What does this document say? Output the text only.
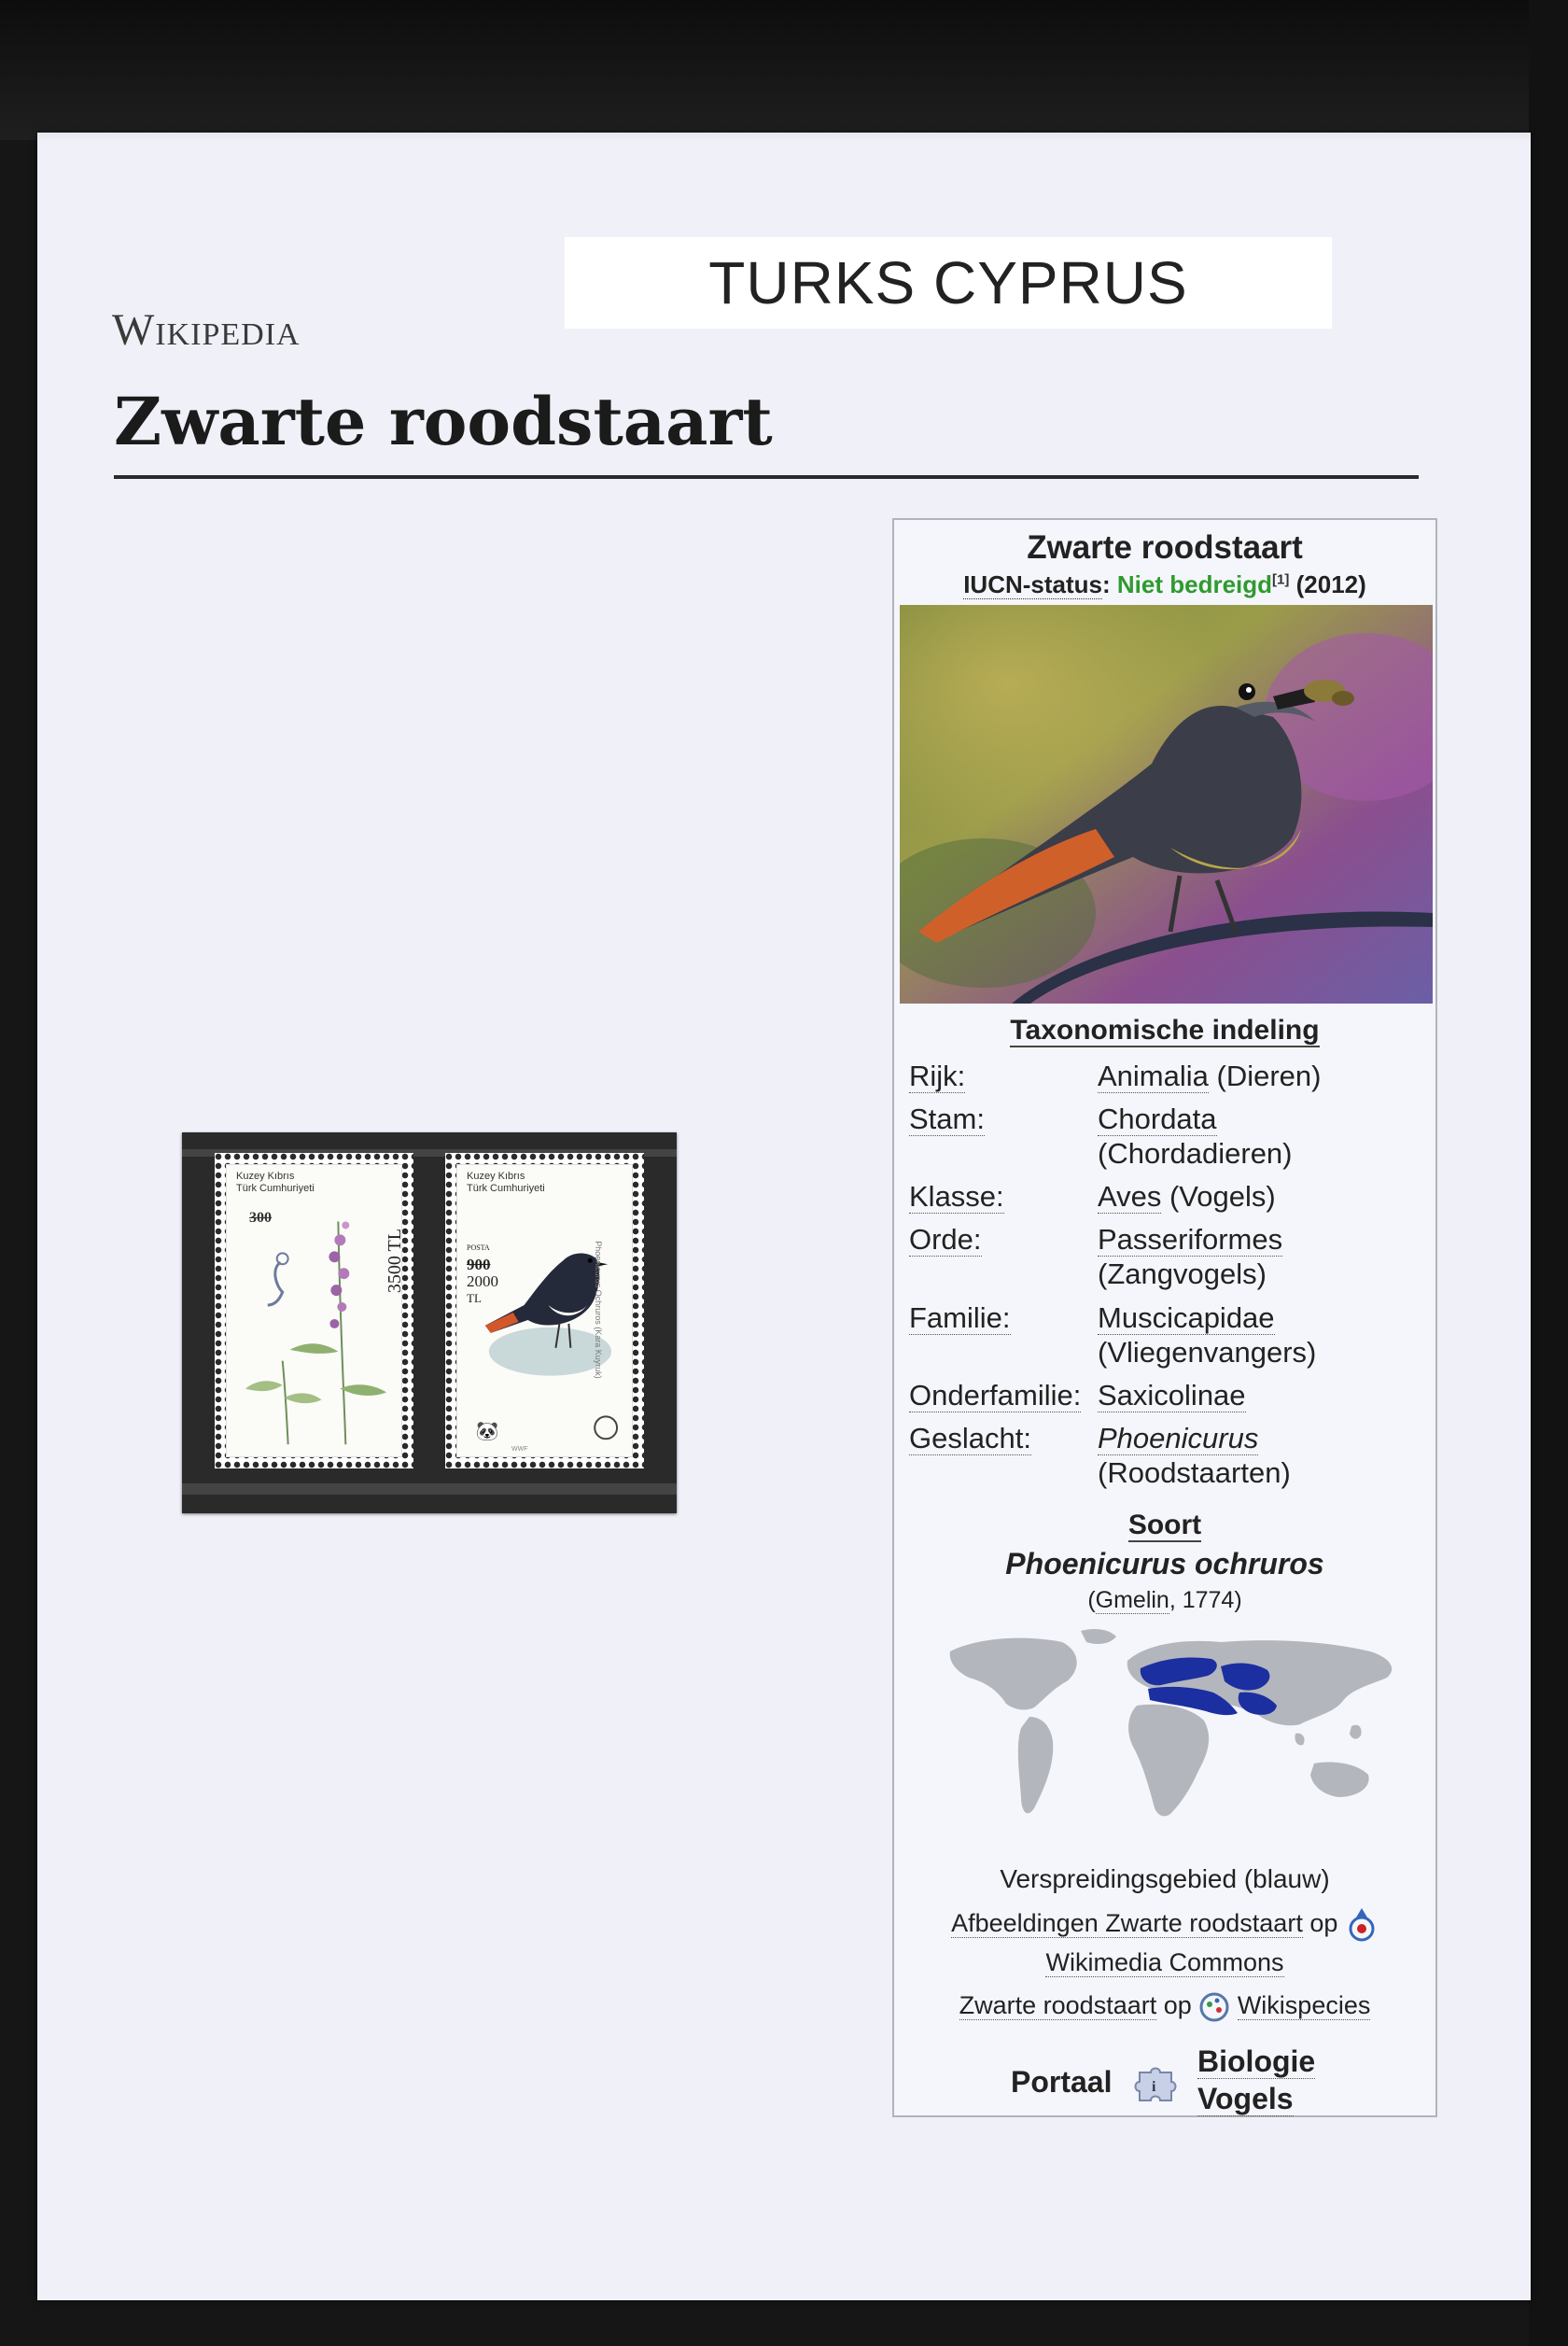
TURKS CYPRUS
Wikipedia
Zwarte roodstaart
Kuzey Kıbrıs
Türk Cumhuriyeti
300
3500 TL
🐼
Kuzey Kıbrıs
Türk Cumhuriyeti
POSTA
900
2000
TL	Phoenicurus Ochruros (Kara Kuyruk)
WWF
Zwarte roodstaart
IUCN-status: Niet bedreigd[1] (2012)
Taxonomische indeling
Rijk:	Animalia (Dieren)
Stam:	Chordata
(Chordadieren)
Klasse:	Aves (Vogels)
Orde:	Passeriformes
(Zangvogels)
Familie:	Muscicapidae
(Vliegenvangers)
Onderfamilie: Saxicolinae
Geslacht: Phoenicurus
(Roodstaarten)
Soort
Phoenicurus ochruros
(Gmelin, 1774)
Verspreidingsgebied (blauw)
Afbeeldingen Zwarte roodstaart op
Wikimedia Commons
Zwarte roodstaart op Wikispecies
Portaal	i
Biologie
Vogels
